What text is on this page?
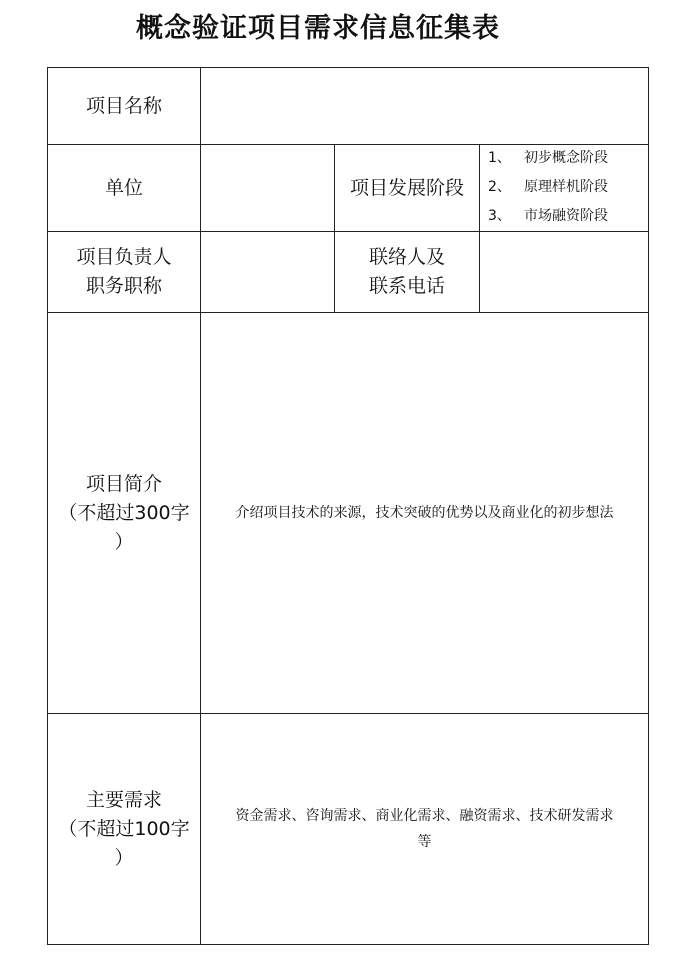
概念验证项目需求信息征集表
项目名称
单位	项目发展阶段
1、 初步概念阶段
2、 原理样机阶段
3、 市场融资阶段
项目负责人
职务职称
联络人及
联系电话
项目简介
（不超过300字
）
介绍项目技术的来源，技术突破的优势以及商业化的初步想法
主要需求
（不超过100字
）
资金需求、咨询需求、商业化需求、融资需求、技术研发需求
等
